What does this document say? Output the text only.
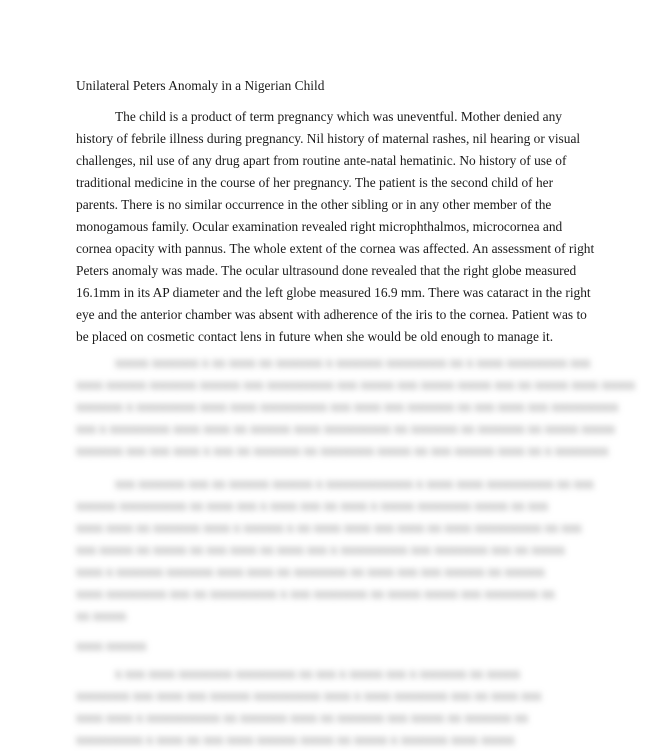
Unilateral Peters Anomaly in a Nigerian Child
The child is a product of term pregnancy which was uneventful. Mother denied any
history of febrile illness during pregnancy. Nil history of maternal rashes, nil hearing or visual
challenges, nil use of any drug apart from routine ante-natal hematinic. No history of use of
traditional medicine in the course of her pregnancy. The patient is the second child of her
parents. There is no similar occurrence in the other sibling or in any other member of the
monogamous family. Ocular examination revealed right microphthalmos, microcornea and
cornea opacity with pannus. The whole extent of the cornea was affected. An assessment of right
Peters anomaly was made. The ocular ultrasound done revealed that the right globe measured
16.1mm in its AP diameter and the left globe measured 16.9 mm. There was cataract in the right
eye and the anterior chamber was absent with adherence of the iris to the cornea. Patient was to
be placed on cosmetic contact lens in future when she would be old enough to manage it.
xxxxx xxxxxxx x xx xxxx xx xxxxxxx x xxxxxxx xxxxxxxxx xx x xxxx xxxxxxxxx xxx
xxxx xxxxxx xxxxxxx xxxxxx xxx xxxxxxxxxx xxx xxxxx xxx xxxxx xxxxx xxx xx xxxxx xxxx xxxxx
xxxxxxx x xxxxxxxxx xxxx xxxx xxxxxxxxxx xxx xxxx xxx xxxxxxx xx xxx xxxx xxx xxxxxxxxxx
xxx x xxxxxxxxx xxxx xxxx xx xxxxxx xxxx xxxxxxxxxx xx xxxxxxx xx xxxxxxx xx xxxxx xxxxx
xxxxxxx xxx xxx xxxx x xxx xx xxxxxxx xx xxxxxxxx xxxxx xx xxx xxxxxx xxxx xx x xxxxxxxx
xxx xxxxxxx xxx xx xxxxxx xxxxxx x xxxxxxxxxxxxx x xxxx xxxx xxxxxxxxxx xx xxx
xxxxxx xxxxxxxxxx xx xxxx xxx x xxxx xxx xx xxxx x xxxxx xxxxxxxx xxxxx xx xxx
xxxx xxxx xx xxxxxxx xxxx x xxxxxx x xx xxxx xxxx xxx xxxx xx xxxx xxxxxxxxxx xx xxx
xxx xxxxx xx xxxxx xx xxx xxxx xx xxxx xxx x xxxxxxxxxx xxx xxxxxxxx xxx xx xxxxx
xxxx x xxxxxxx xxxxxxx xxxx xxxx xx xxxxxxxx xx xxxx xxx xxx xxxxxx xx xxxxxx
xxxx xxxxxxxxx xxx xx xxxxxxxxxx x xxx xxxxxxxx xx xxxxx xxxxx xxx xxxxxxxx xx
xx xxxxx
xxxx xxxxxx
x xxx xxxx xxxxxxxx xxxxxxxxx xx xxx x xxxxx xxx x xxxxxxx xx xxxxx
xxxxxxxx xxx xxxx xxx xxxxxx xxxxxxxxxx xxxx x xxxx xxxxxxxx xxx xx xxxx xxx
xxxx xxxx x xxxxxxxxxxx xx xxxxxxx xxxx xx xxxxxxx xxx xxxxx xx xxxxxxx xx
xxxxxxxxxx x xxxx xx xxx xxxx xxxxxx xxxxx xx xxxxx x xxxxxxx xxxx xxxxx
